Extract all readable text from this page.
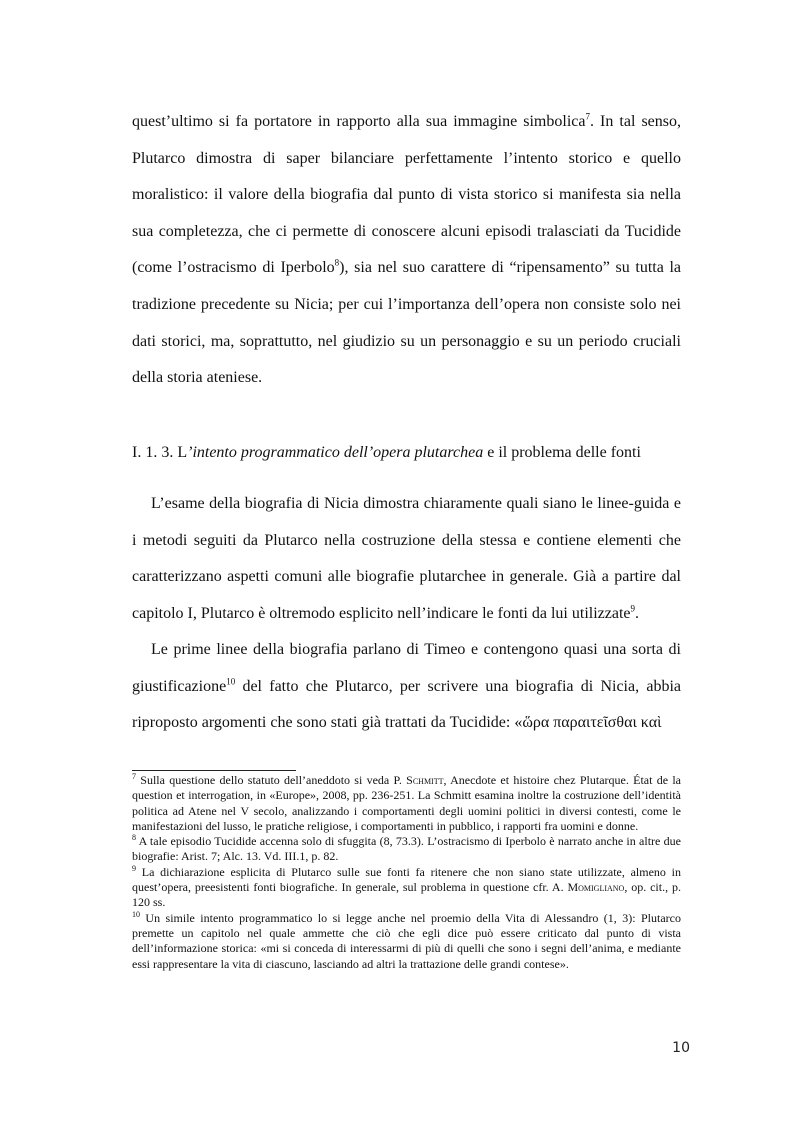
quest’ultimo si fa portatore in rapporto alla sua immagine simbolica$^7$. In tal senso, Plutarco dimostra di saper bilanciare perfettamente l’intento storico e quello moralistico: il valore della biografia dal punto di vista storico si manifesta sia nella sua completezza, che ci permette di conoscere alcuni episodi tralasciati da Tucidide (come l’ostracismo di Iperbolo$^8$), sia nel suo carattere di “ripensamento” su tutta la tradizione precedente su Nicia; per cui l’importanza dell’opera non consiste solo nei dati storici, ma, soprattutto, nel giudizio su un personaggio e su un periodo cruciali della storia ateniese.

I. 1. 3. L’intento programmatico dell’opera plutarchea e il problema delle fonti

L’esame della biografia di Nicia dimostra chiaramente quali siano le linee-guida e i metodi seguiti da Plutarco nella costruzione della stessa e contiene elementi che caratterizzano aspetti comuni alle biografie plutarchee in generale. Già a partire dal capitolo I, Plutarco è oltremodo esplicito nell’indicare le fonti da lui utilizzate$^9$.

Le prime linee della biografia parlano di Timeo e contengono quasi una sorta di giustificazione$^{10}$ del fatto che Plutarco, per scrivere una biografia di Nicia, abbia riproposto argomenti che sono stati già trattati da Tucidide: «ὥρα παραιτεῖσθαι καὶ

$^7$ Sulla questione dello statuto dell’aneddoto si veda P. Schmitt, Anecdote et histoire chez Plutarque. État de la question et interrogation, in «Europe», 2008, pp. 236-251. La Schmitt esamina inoltre la costruzione dell’identità politica ad Atene nel V secolo, analizzando i comportamenti degli uomini politici in diversi contesti, come le manifestazioni del lusso, le pratiche religiose, i comportamenti in pubblico, i rapporti fra uomini e donne.

$^8$ A tale episodio Tucidide accenna solo di sfuggita (8, 73.3). L’ostracismo di Iperbolo è narrato anche in altre due biografie: Arist. 7; Alc. 13. Vd. III.1, p. 82.

$^9$ La dichiarazione esplicita di Plutarco sulle sue fonti fa ritenere che non siano state utilizzate, almeno in quest’opera, preesistenti fonti biografiche. In generale, sul problema in questione cfr. A. Momigliano, op. cit., p. 120 ss.

$^{10}$ Un simile intento programmatico lo si legge anche nel proemio della Vita di Alessandro (1, 3): Plutarco premette un capitolo nel quale ammette che ciò che egli dice può essere criticato dal punto di vista dell’informazione storica: «mi si conceda di interessarmi di più di quelli che sono i segni dell’anima, e mediante essi rappresentare la vita di ciascuno, lasciando ad altri la trattazione delle grandi contese».

10
